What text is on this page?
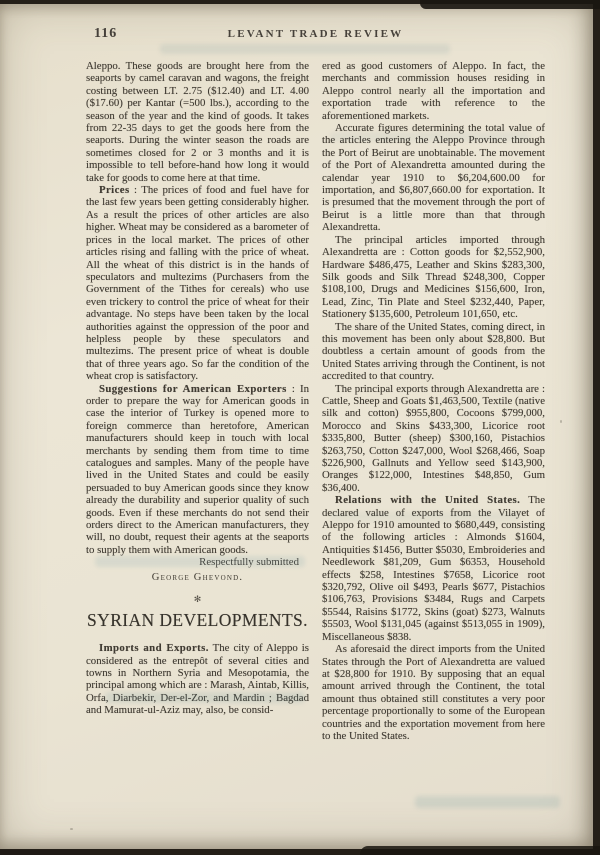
116	LEVANT TRADE REVIEW

Aleppo. These goods are brought here from the seaports by camel caravan and wagons, the freight costing between LT. 2.75 ($12.40) and LT. 4.00 ($17.60) per Kantar (=500 lbs.), according to the season of the year and the kind of goods. It takes from 22-35 days to get the goods here from the seaports. During the winter season the roads are sometimes closed for 2 or 3 months and it is impossible to tell before-hand how long it would take for goods to come here at that time.

Prices : The prices of food and fuel have for the last few years been getting considerably higher. As a result the prices of other articles are also higher. Wheat may be considered as a barometer of prices in the local market. The prices of other articles rising and falling with the price of wheat. All the wheat of this district is in the hands of speculators and multezims (Purchasers from the Government of the Tithes for cereals) who use even trickery to control the price of wheat for their advantage. No steps have been taken by the local authorities against the oppression of the poor and helpless people by these speculators and multezims. The present price of wheat is double that of three years ago. So far the condition of the wheat crop is satisfactory.

Suggestions for American Exporters : In order to prepare the way for American goods in case the interior of Turkey is opened more to foreign commerce than heretofore, American manufacturers should keep in touch with local merchants by sending them from time to time catalogues and samples. Many of the people have lived in the United States and could be easily persuaded to buy American goods since they know already the durability and superior quality of such goods. Even if these merchants do not send their orders direct to the American manufacturers, they will, no doubt, request their agents at the seaports to supply them with American goods.

Respectfully submitted
George Ghevond.
✻
SYRIAN DEVELOPMENTS.

Imports and Exports. The city of Aleppo is considered as the entrepôt of several cities and towns in Northern Syria and Mesopotamia, the principal among which are : Marash, Aintab, Killis, Orfa, Diarbekir, Der-el-Zor, and Mardin ; Bagdad and Mamurat-ul-Aziz may, also, be consid-

ered as good customers of Aleppo. In fact, the merchants and commission houses residing in Aleppo control nearly all the importation and exportation trade with reference to the aforementioned markets.

Accurate figures determining the total value of the articles entering the Aleppo Province through the Port of Beirut are unobtainable. The movement of the Port of Alexandretta amounted during the calendar year 1910 to $6,204,600.00 for importation, and $6,807,660.00 for exportation. It is presumed that the movement through the port of Beirut is a little more than that through Alexandretta.

The principal articles imported through Alexandretta are : Cotton goods for $2,552,900, Hardware $486,475, Leather and Skins $283,300, Silk goods and Silk Thread $248,300, Copper $108,100, Drugs and Medicines $156,600, Iron, Lead, Zinc, Tin Plate and Steel $232,440, Paper, Stationery $135,600, Petroleum 101,650, etc.

The share of the United States, coming direct, in this movement has been only about $28,800. But doubtless a certain amount of goods from the United States arriving through the Continent, is not accredited to that country.

The principal exports through Alexandretta are : Cattle, Sheep and Goats $1,463,500, Textile (native silk and cotton) $955,800, Cocoons $799,000, Morocco and Skins $433,300, Licorice root $335,800, Butter (sheep) $300,160, Pistachios $263,750, Cotton $247,000, Wool $268,466, Soap $226,900, Gallnuts and Yellow seed $143,900, Oranges $122,000, Intestines $48,850, Gum $36,400.

Relations with the United States. The declared value of exports from the Vilayet of Aleppo for 1910 amounted to $680,449, consisting of the following articles : Almonds $1604, Antiquities $1456, Butter $5030, Embroideries and Needlework $81,209, Gum $6353, Household effects $258, Intestines $7658, Licorice root $320,792, Olive oil $493, Pearls $677, Pistachios $106,763, Provisions $3484, Rugs and Carpets $5544, Raisins $1772, Skins (goat) $273, Walnuts $5503, Wool $131,045 (against $513,055 in 1909), Miscellaneous $838.

As aforesaid the direct imports from the United States through the Port of Alexandretta are valued at $28,800 for 1910. By supposing that an equal amount arrived through the Continent, the total amount thus obtained still constitutes a very poor percentage proportionally to some of the European countries and the exportation movement from here to the United States.
